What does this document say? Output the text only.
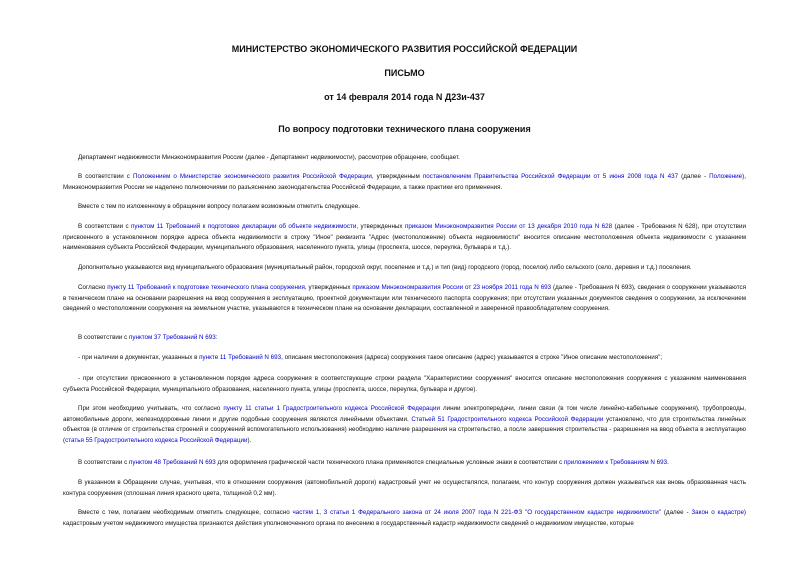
МИНИСТЕРСТВО ЭКОНОМИЧЕСКОГО РАЗВИТИЯ РОССИЙСКОЙ ФЕДЕРАЦИИ
ПИСЬМО
от 14 февраля 2014 года N Д23и-437
По вопросу подготовки технического плана сооружения

Департамент недвижимости Минэкономразвития России (далее - Департамент недвижимости), рассмотрев обращение, сообщает.

В соответствии с Положением о Министерстве экономического развития Российской Федерации, утвержденным постановлением Правительства Российской Федерации от 5 июня 2008 года N 437 (далее - Положение), Минэкономразвития России не наделено полномочиями по разъяснению законодательства Российской Федерации, а также практики его применения.

Вместе с тем по изложенному в обращении вопросу полагаем возможным отметить следующее.

В соответствии с пунктом 11 Требований к подготовке декларации об объекте недвижимости, утвержденных приказом Минэкономразвития России от 13 декабря 2010 года N 628 (далее - Требования N 628), при отсутствии присвоенного в установленном порядке адреса объекта недвижимости в строку "Иное" реквизита "Адрес (местоположение) объекта недвижимости" вносится описание местоположения объекта недвижимости с указанием наименования субъекта Российской Федерации, муниципального образования, населенного пункта, улицы (проспекта, шоссе, переулка, бульвара и т.д.).

Дополнительно указываются вид муниципального образования (муниципальный район, городской округ, поселение и т.д.) и тип (вид) городского (город, поселок) либо сельского (село, деревня и т.д.) поселения.

Согласно пункту 11 Требований к подготовке технического плана сооружения, утвержденных приказом Минэкономразвития России от 23 ноября 2011 года N 693 (далее - Требования N 693), сведения о сооружении указываются в техническом плане на основании разрешения на ввод сооружения в эксплуатацию, проектной документации или технического паспорта сооружения; при отсутствии указанных документов сведения о сооружении, за исключением сведений о местоположении сооружения на земельном участке, указываются в техническом плане на основании декларации, составленной и заверенной правообладателем сооружения.

В соответствии с пунктом 37 Требований N 693:

- при наличии в документах, указанных в пункте 11 Требований N 693, описания местоположения (адреса) сооружения такое описание (адрес) указывается в строке "Иное описание местоположения";

- при отсутствии присвоенного в установленном порядке адреса сооружения в соответствующие строки раздела "Характеристики сооружения" вносится описание местоположения сооружения с указанием наименования субъекта Российской Федерации, муниципального образования, населенного пункта, улицы (проспекта, шоссе, переулка, бульвара и другое).

При этом необходимо учитывать, что согласно пункту 11 статьи 1 Градостроительного кодекса Российской Федерации линии электропередачи, линии связи (в том числе линейно-кабельные сооружения), трубопроводы, автомобильные дороги, железнодорожные линии и другие подобные сооружения являются линейными объектами. Статьей 51 Градостроительного кодекса Российской Федерации установлено, что для строительства линейных объектов (в отличие от строительства строений и сооружений вспомогательного использования) необходимо наличие разрешения на строительство, а после завершения строительства - разрешения на ввод объекта в эксплуатацию (статья 55 Градостроительного кодекса Российской Федерации).

В соответствии с пунктом 48 Требований N 693 для оформления графической части технического плана применяются специальные условные знаки в соответствии с приложением к Требованиям N 693.

В указанном в Обращении случае, учитывая, что в отношении сооружения (автомобильной дороги) кадастровый учет не осуществлялся, полагаем, что контур сооружения должен указываться как вновь образованная часть контура сооружения (сплошная линия красного цвета, толщиной 0,2 мм).

Вместе с тем, полагаем необходимым отметить следующее, согласно частям 1, 3 статьи 1 Федерального закона от 24 июля 2007 года N 221-ФЗ "О государственном кадастре недвижимости" (далее - Закон о кадастре) кадастровым учетом недвижимого имущества признаются действия уполномоченного органа по внесению в государственный кадастр недвижимости сведений о недвижимом имуществе, которые
